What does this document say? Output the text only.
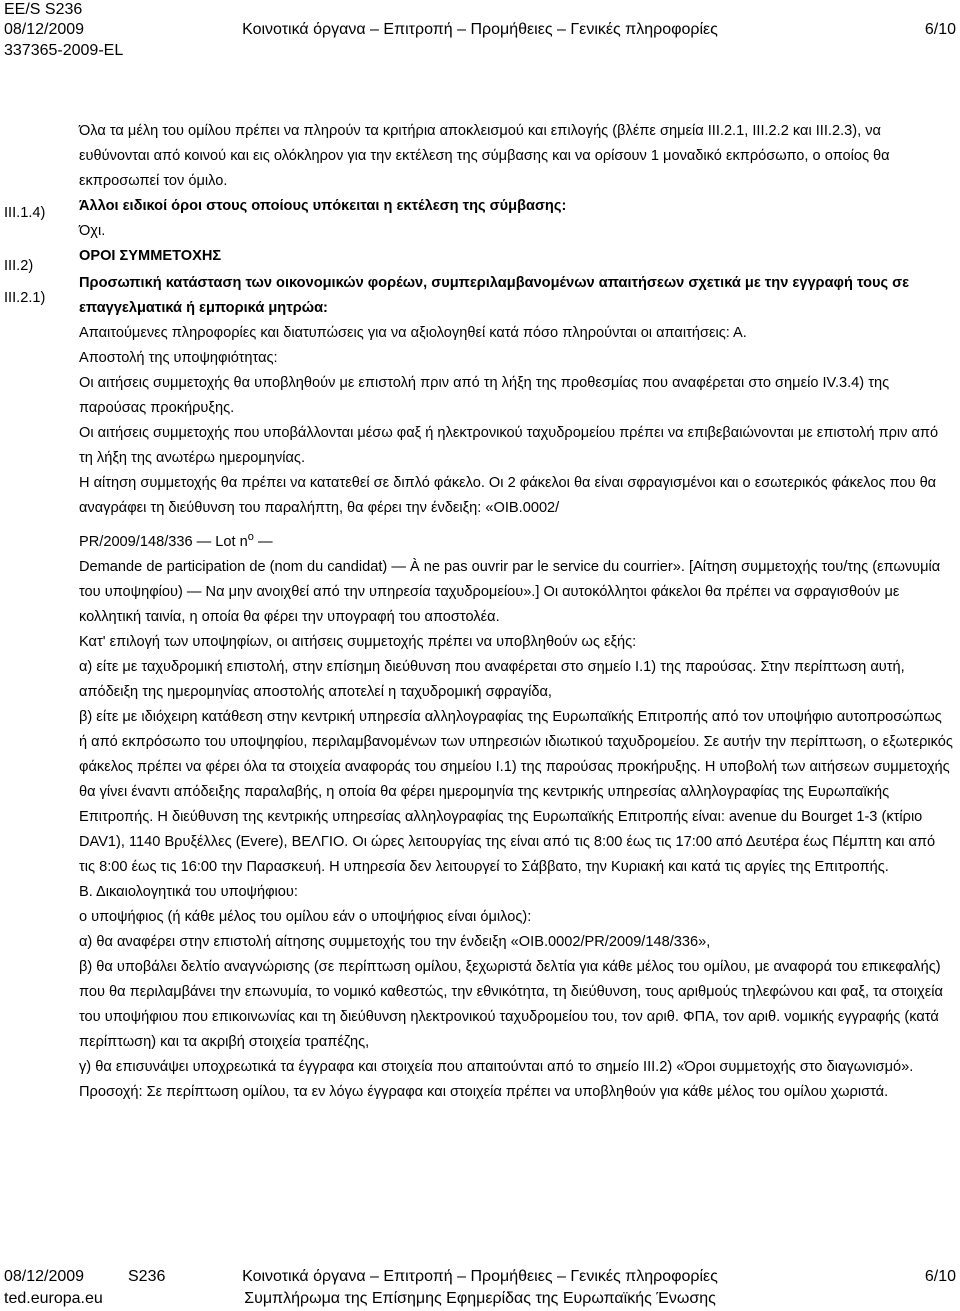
EE/S S236
08/12/2009	Κοινοτικά όργανα – Επιτροπή – Προμήθειες – Γενικές πληροφορίες	6/10
337365-2009-EL
III.1.4)
III.2)
III.2.1)

Όλα τα μέλη του ομίλου πρέπει να πληρούν τα κριτήρια αποκλεισμού και επιλογής (βλέπε σημεία III.2.1, III.2.2 και III.2.3), να ευθύνονται από κοινού και εις ολόκληρον για την εκτέλεση της σύμβασης και να ορίσουν 1 μοναδικό εκπρόσωπο, ο οποίος θα εκπροσωπεί τον όμιλο.

Άλλοι ειδικοί όροι στους οποίους υπόκειται η εκτέλεση της σύμβασης:

Όχι.

ΟΡΟΙ ΣΥΜΜΕΤΟΧΗΣ

Προσωπική κατάσταση των οικονομικών φορέων, συμπεριλαμβανομένων απαιτήσεων σχετικά με την εγγραφή τους σε επαγγελματικά ή εμπορικά μητρώα:

Απαιτούμενες πληροφορίες και διατυπώσεις για να αξιολογηθεί κατά πόσο πληρούνται οι απαιτήσεις: Α.

Αποστολή της υποψηφιότητας:

Οι αιτήσεις συμμετοχής θα υποβληθούν με επιστολή πριν από τη λήξη της προθεσμίας που αναφέρεται στο σημείο IV.3.4) της παρούσας προκήρυξης.

Οι αιτήσεις συμμετοχής που υποβάλλονται μέσω φαξ ή ηλεκτρονικού ταχυδρομείου πρέπει να επιβεβαιώνονται με επιστολή πριν από τη λήξη της ανωτέρω ημερομηνίας.

Η αίτηση συμμετοχής θα πρέπει να κατατεθεί σε διπλό φάκελο. Οι 2 φάκελοι θα είναι σφραγισμένοι και ο εσωτερικός φάκελος που θα αναγράφει τη διεύθυνση του παραλήπτη, θα φέρει την ένδειξη: «OIB.0002/

PR/2009/148/336 — Lot $n^o$ —

Demande de participation de (nom du candidat) — À ne pas ouvrir par le service du courrier». [Αίτηση συμμετοχής του/της (επωνυμία του υποψηφίου) — Να μην ανοιχθεί από την υπηρεσία ταχυδρομείου».] Οι αυτοκόλλητοι φάκελοι θα πρέπει να σφραγισθούν με κολλητική ταινία, η οποία θα φέρει την υπογραφή του αποστολέα.

Κατ' επιλογή των υποψηφίων, οι αιτήσεις συμμετοχής πρέπει να υποβληθούν ως εξής:

α) είτε με ταχυδρομική επιστολή, στην επίσημη διεύθυνση που αναφέρεται στο σημείο I.1) της παρούσας. Στην περίπτωση αυτή, απόδειξη της ημερομηνίας αποστολής αποτελεί η ταχυδρομική σφραγίδα,

β) είτε με ιδιόχειρη κατάθεση στην κεντρική υπηρεσία αλληλογραφίας της Ευρωπαϊκής Επιτροπής από τον υποψήφιο αυτοπροσώπως ή από εκπρόσωπο του υποψηφίου, περιλαμβανομένων των υπηρεσιών ιδιωτικού ταχυδρομείου. Σε αυτήν την περίπτωση, ο εξωτερικός φάκελος πρέπει να φέρει όλα τα στοιχεία αναφοράς του σημείου I.1) της παρούσας προκήρυξης. Η υποβολή των αιτήσεων συμμετοχής θα γίνει έναντι απόδειξης παραλαβής, η οποία θα φέρει ημερομηνία της κεντρικής υπηρεσίας αλληλογραφίας της Ευρωπαϊκής Επιτροπής. Η διεύθυνση της κεντρικής υπηρεσίας αλληλογραφίας της Ευρωπαϊκής Επιτροπής είναι: avenue du Bourget 1-3 (κτίριο DAV1), 1140 Βρυξέλλες (Evere), ΒΕΛΓΙΟ. Οι ώρες λειτουργίας της είναι από τις 8:00 έως τις 17:00 από Δευτέρα έως Πέμπτη και από τις 8:00 έως τις 16:00 την Παρασκευή. Η υπηρεσία δεν λειτουργεί το Σάββατο, την Κυριακή και κατά τις αργίες της Επιτροπής.

Β. Δικαιολογητικά του υποψήφιου:

ο υποψήφιος (ή κάθε μέλος του ομίλου εάν ο υποψήφιος είναι όμιλος):

α) θα αναφέρει στην επιστολή αίτησης συμμετοχής του την ένδειξη «OIB.0002/PR/2009/148/336»,

β) θα υποβάλει δελτίο αναγνώρισης (σε περίπτωση ομίλου, ξεχωριστά δελτία για κάθε μέλος του ομίλου, με αναφορά του επικεφαλής) που θα περιλαμβάνει την επωνυμία, το νομικό καθεστώς, την εθνικότητα, τη διεύθυνση, τους αριθμούς τηλεφώνου και φαξ, τα στοιχεία του υποψήφιου που επικοινωνίας και τη διεύθυνση ηλεκτρονικού ταχυδρομείου του, τον αριθ. ΦΠΑ, τον αριθ. νομικής εγγραφής (κατά περίπτωση) και τα ακριβή στοιχεία τραπέζης,

γ) θα επισυνάψει υποχρεωτικά τα έγγραφα και στοιχεία που απαιτούνται από το σημείο III.2) «Όροι συμμετοχής στο διαγωνισμό».

Προσοχή: Σε περίπτωση ομίλου, τα εν λόγω έγγραφα και στοιχεία πρέπει να υποβληθούν για κάθε μέλος του ομίλου χωριστά.

08/12/2009	S236	Κοινοτικά όργανα – Επιτροπή – Προμήθειες – Γενικές πληροφορίες	6/10
ted.europa.eu	Συμπλήρωμα της Επίσημης Εφημερίδας της Ευρωπαϊκής Ένωσης
